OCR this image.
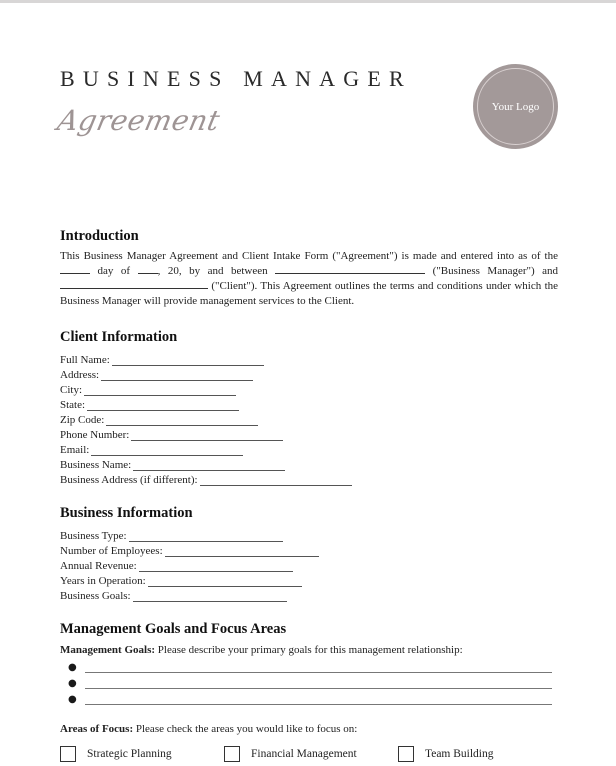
BUSINESS MANAGER
Agreement	Your Logo
Introduction
This Business Manager Agreement and Client Intake Form ("Agreement") is made and entered into as of the  day of	, 20, by and between	("Business Manager") and  ("Client"). This Agreement outlines the terms and conditions under which the Business Manager will provide management services to the Client.
Client Information
Full Name:
Address:
City:
State:
Zip Code:
Phone Number:
Email:
Business Name:
Business Address (if different):
Business Information
Business Type:
Number of Employees:
Annual Revenue:
Years in Operation:
Business Goals:
Management Goals and Focus Areas
Management Goals: Please describe your primary goals for this management relationship:
●
●
●
Areas of Focus: Please check the areas you would like to focus on:
Strategic Planning	Financial Management	Team Building
